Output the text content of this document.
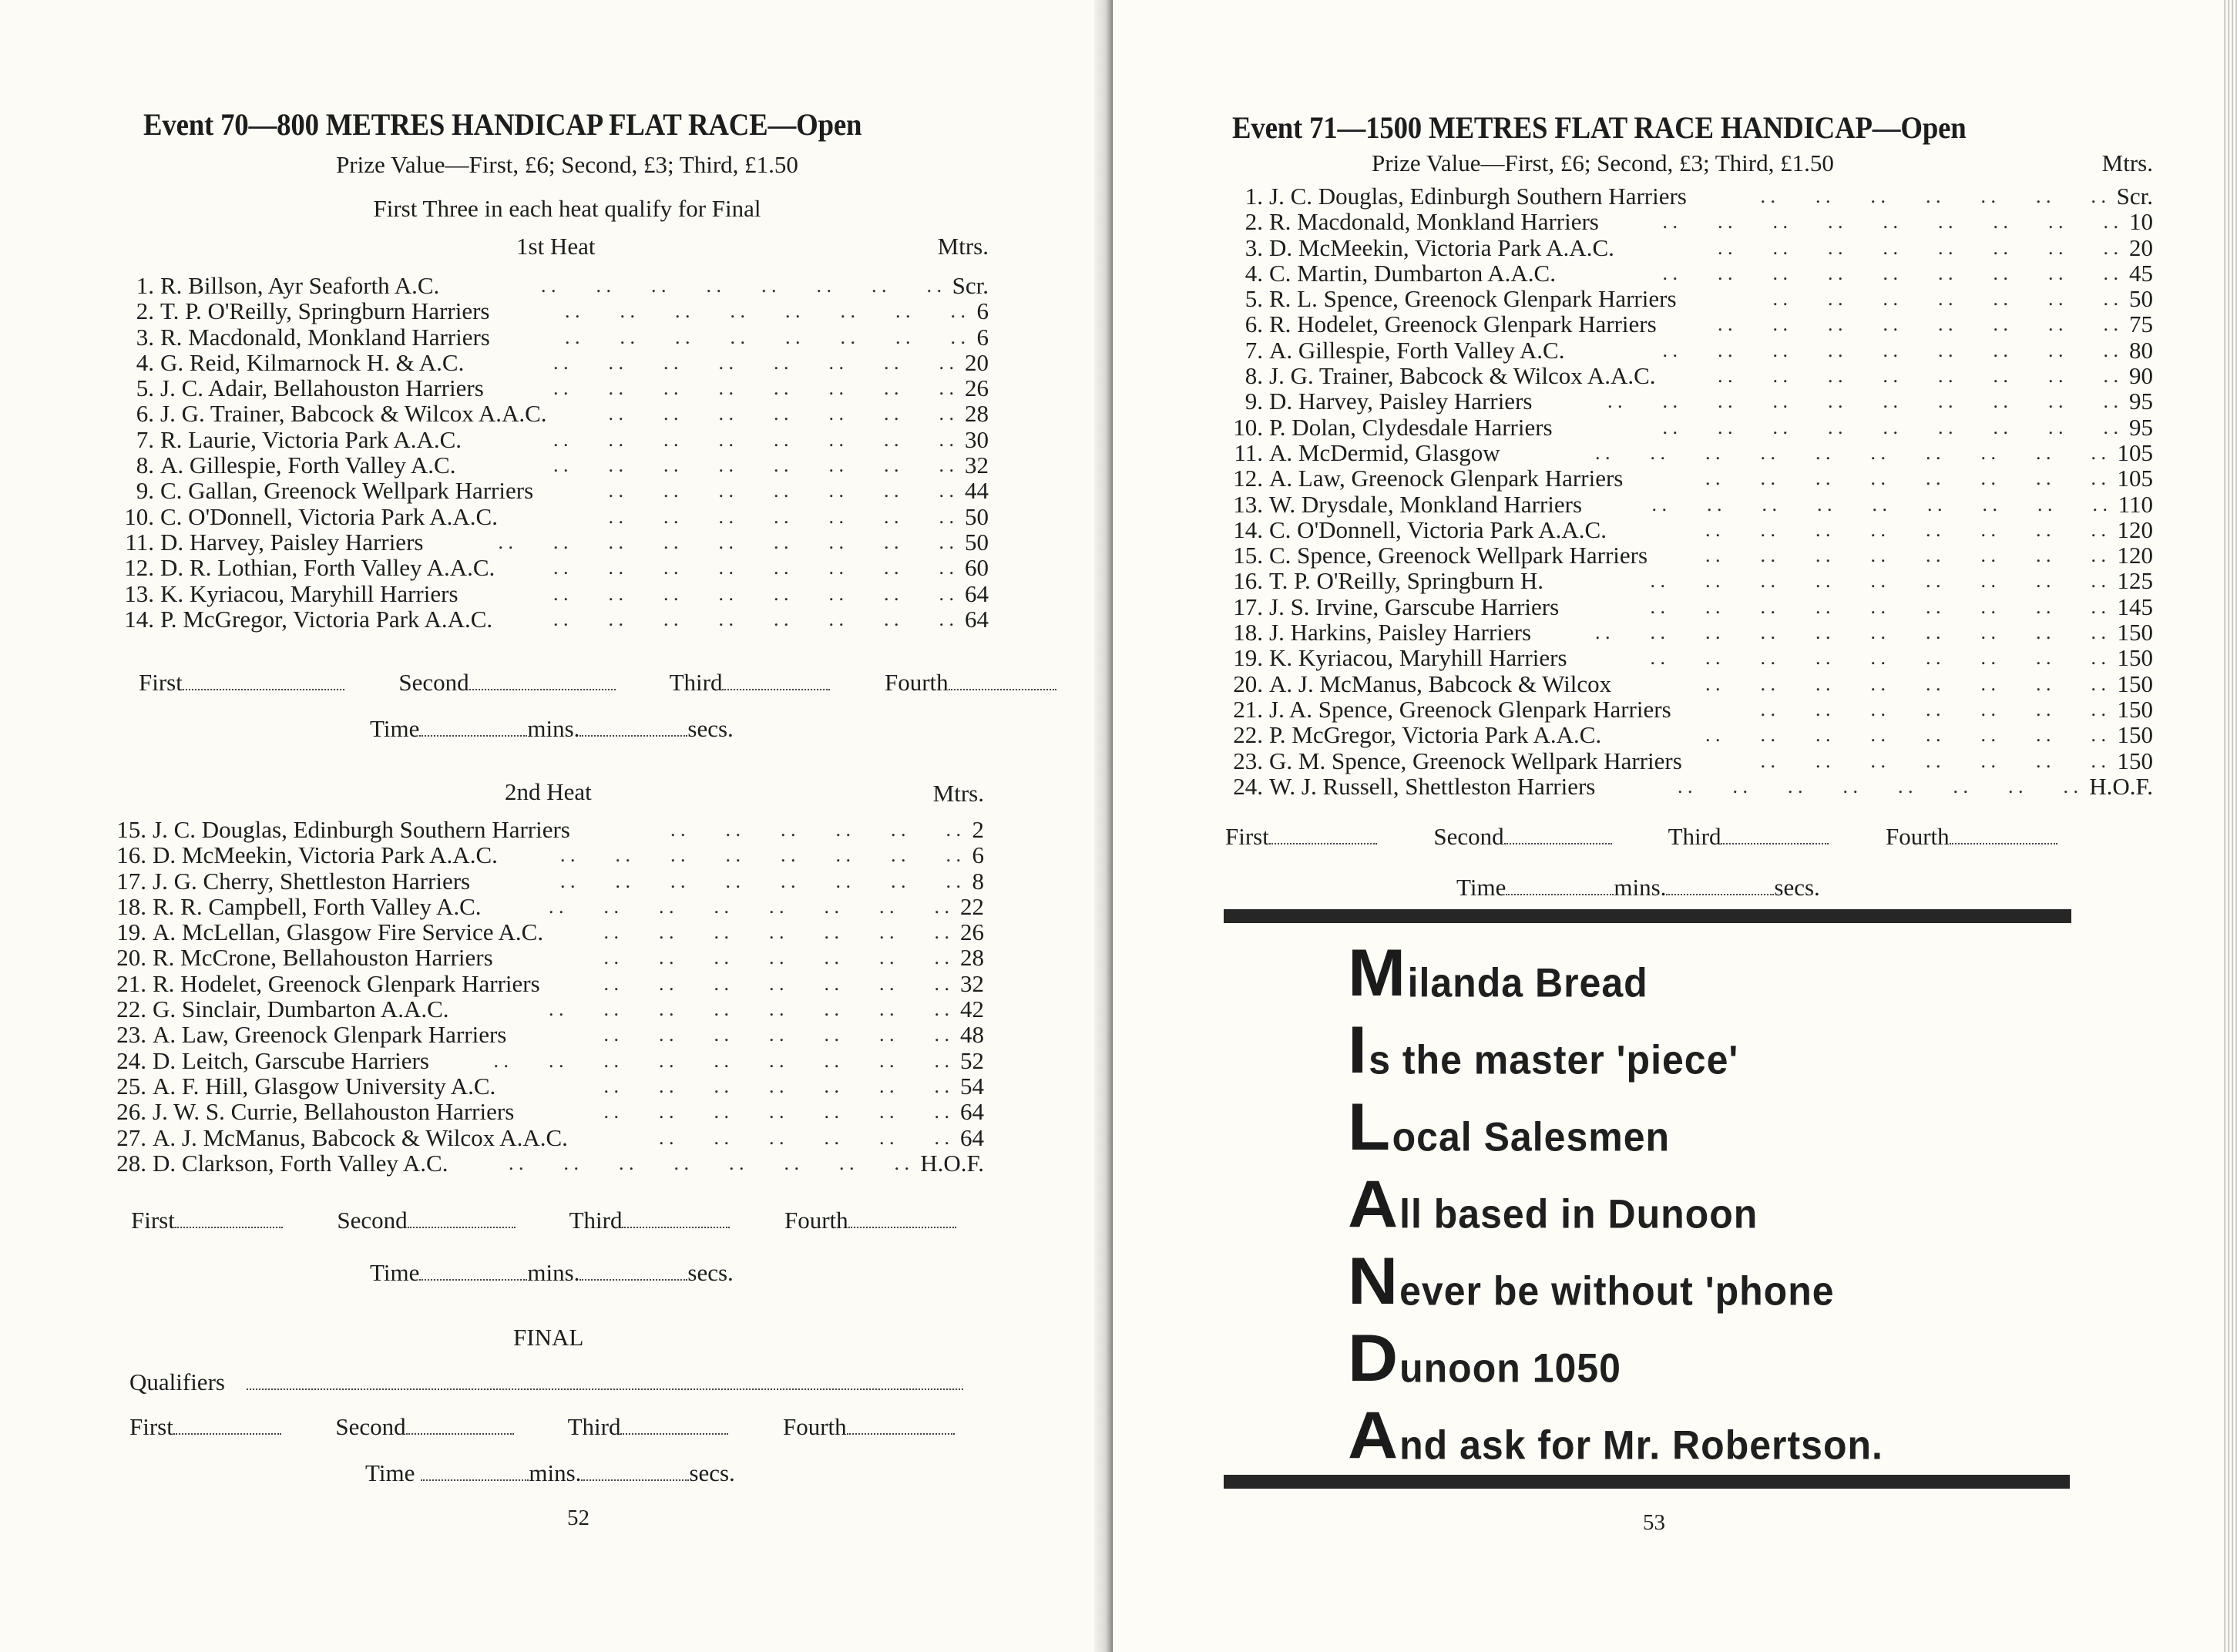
Event 70—800 METRES HANDICAP FLAT RACE—Open
Prize Value—First, £6; Second, £3; Third, £1.50
First Three in each heat qualify for Final
1st Heat	Mtrs.
1. R. Billson, Ayr Seaforth A.C.	Scr.
. .  . .  . .  . .  . .  . .  . .  . .
2. T. P. O'Reilly, Springburn Harriers	6
. .  . .  . .  . .  . .  . .  . .  . .
3. R. Macdonald, Monkland Harriers	6
. .  . .  . .  . .  . .  . .  . .  . .
4. G. Reid, Kilmarnock H. & A.C.	20
. .  . .  . .  . .  . .  . .  . .  . .
5. J. C. Adair, Bellahouston Harriers	26
. .  . .  . .  . .  . .  . .  . .  . .
6. J. G. Trainer, Babcock & Wilcox A.A.C.	28
. .  . .  . .  . .  . .  . .  . .
7. R. Laurie, Victoria Park A.A.C.	30
. .  . .  . .  . .  . .  . .  . .  . .
8. A. Gillespie, Forth Valley A.C.	32
. .  . .  . .  . .  . .  . .  . .  . .
9. C. Gallan, Greenock Wellpark Harriers	44
. .  . .  . .  . .  . .  . .  . .
10. C. O'Donnell, Victoria Park A.A.C.	50
. .  . .  . .  . .  . .  . .  . .
11. D. Harvey, Paisley Harriers	50
. .  . .  . .  . .  . .  . .  . .  . .  . .
12. D. R. Lothian, Forth Valley A.A.C.	60
. .  . .  . .  . .  . .  . .  . .  . .
13. K. Kyriacou, Maryhill Harriers	64
. .  . .  . .  . .  . .  . .  . .  . .
14. P. McGregor, Victoria Park A.A.C.	64
. .  . .  . .  . .  . .  . .  . .  . .
First	Second	Third	Fourth
Time	mins.	secs.
2nd Heat	Mtrs.
15. J. C. Douglas, Edinburgh Southern Harriers	2
. .  . .  . .  . .  . .  . .
16. D. McMeekin, Victoria Park A.A.C.	6
. .  . .  . .  . .  . .  . .  . .  . .
17. J. G. Cherry, Shettleston Harriers	8
. .  . .  . .  . .  . .  . .  . .  . .
18. R. R. Campbell, Forth Valley A.C.	22
. .  . .  . .  . .  . .  . .  . .  . .
19. A. McLellan, Glasgow Fire Service A.C.	26
. .  . .  . .  . .  . .  . .  . .
20. R. McCrone, Bellahouston Harriers	28
. .  . .  . .  . .  . .  . .  . .
21. R. Hodelet, Greenock Glenpark Harriers	32
. .  . .  . .  . .  . .  . .  . .
22. G. Sinclair, Dumbarton A.A.C.	42
. .  . .  . .  . .  . .  . .  . .  . .
23. A. Law, Greenock Glenpark Harriers	48
. .  . .  . .  . .  . .  . .  . .
24. D. Leitch, Garscube Harriers	52
. .  . .  . .  . .  . .  . .  . .  . .  . .
25. A. F. Hill, Glasgow University A.C.	54
. .  . .  . .  . .  . .  . .  . .
26. J. W. S. Currie, Bellahouston Harriers	64
. .  . .  . .  . .  . .  . .  . .
27. A. J. McManus, Babcock & Wilcox A.A.C.	64
. .  . .  . .  . .  . .  . .
28. D. Clarkson, Forth Valley A.C.	H.O.F.
. .  . .  . .  . .  . .  . .  . .  . .
First	Second	Third	Fourth
Time	mins.	secs.
FINAL
Qualifiers
First	Second	Third	Fourth
Time	mins.	secs.
52
Event 71—1500 METRES FLAT RACE HANDICAP—Open
Prize Value—First, £6; Second, £3; Third, £1.50	Mtrs.
1. J. C. Douglas, Edinburgh Southern Harriers	Scr.
. .  . .  . .  . .  . .  . .  . .
2. R. Macdonald, Monkland Harriers	10
. .  . .  . .  . .  . .  . .  . .  . .  . .
3. D. McMeekin, Victoria Park A.A.C.	20
. .  . .  . .  . .  . .  . .  . .  . .
4. C. Martin, Dumbarton A.A.C.	45
. .  . .  . .  . .  . .  . .  . .  . .  . .
5. R. L. Spence, Greenock Glenpark Harriers	50
. .  . .  . .  . .  . .  . .  . .
6. R. Hodelet, Greenock Glenpark Harriers	75
. .  . .  . .  . .  . .  . .  . .  . .
7. A. Gillespie, Forth Valley A.C.	80
. .  . .  . .  . .  . .  . .  . .  . .  . .
8. J. G. Trainer, Babcock & Wilcox A.A.C.	90
. .  . .  . .  . .  . .  . .  . .  . .
9. D. Harvey, Paisley Harriers	95
. .  . .  . .  . .  . .  . .  . .  . .  . .  . .
10. P. Dolan, Clydesdale Harriers	95
. .  . .  . .  . .  . .  . .  . .  . .  . .
11. A. McDermid, Glasgow	105
. .  . .  . .  . .  . .  . .  . .  . .  . .  . .
12. A. Law, Greenock Glenpark Harriers	105
. .  . .  . .  . .  . .  . .  . .  . .
13. W. Drysdale, Monkland Harriers	110
. .  . .  . .  . .  . .  . .  . .  . .  . .
14. C. O'Donnell, Victoria Park A.A.C.	120
. .  . .  . .  . .  . .  . .  . .  . .
15. C. Spence, Greenock Wellpark Harriers	120
. .  . .  . .  . .  . .  . .  . .  . .
16. T. P. O'Reilly, Springburn H.	125
. .  . .  . .  . .  . .  . .  . .  . .  . .
17. J. S. Irvine, Garscube Harriers	145
. .  . .  . .  . .  . .  . .  . .  . .  . .
18. J. Harkins, Paisley Harriers	150
. .  . .  . .  . .  . .  . .  . .  . .  . .  . .
19. K. Kyriacou, Maryhill Harriers	150
. .  . .  . .  . .  . .  . .  . .  . .  . .
20. A. J. McManus, Babcock & Wilcox	150
. .  . .  . .  . .  . .  . .  . .  . .
21. J. A. Spence, Greenock Glenpark Harriers	150
. .  . .  . .  . .  . .  . .  . .
22. P. McGregor, Victoria Park A.A.C.	150
. .  . .  . .  . .  . .  . .  . .  . .
23. G. M. Spence, Greenock Wellpark Harriers	150
. .  . .  . .  . .  . .  . .  . .
24. W. J. Russell, Shettleston Harriers	H.O.F.
. .  . .  . .  . .  . .  . .  . .  . .
First	Second	Third	Fourth
Time	mins.	secs.
M ilanda Bread
I s the master 'piece'
L ocal Salesmen
A ll based in Dunoon
N ever be without 'phone
D unoon 1050
A nd ask for Mr. Robertson.
53
